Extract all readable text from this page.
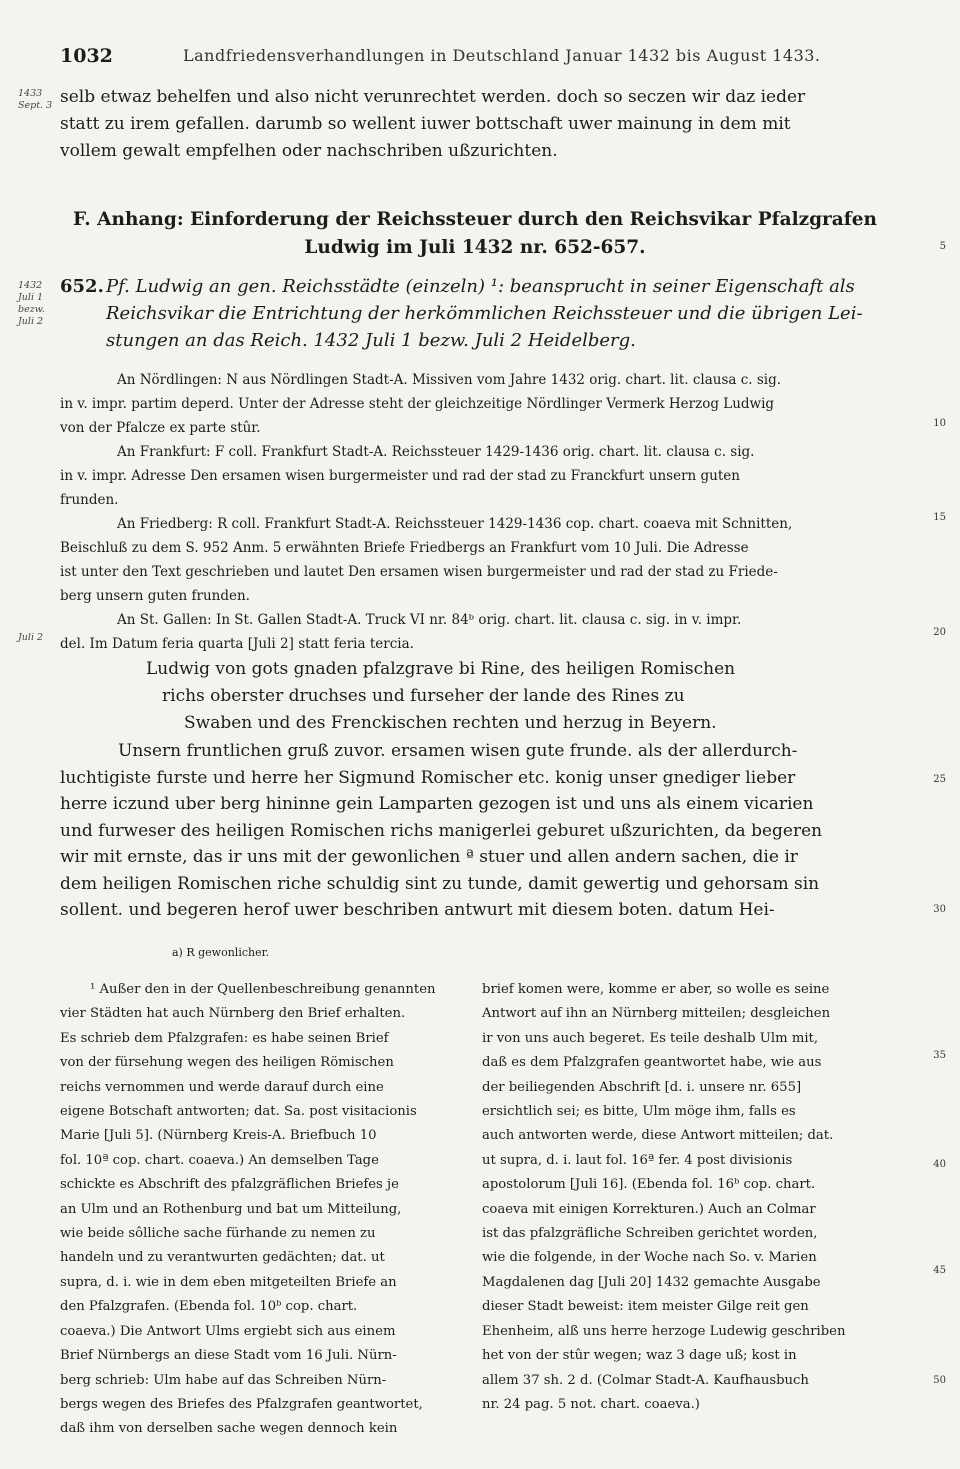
1032	Landfriedensverhandlungen in Deutschland Januar 1432 bis August 1433.

1433 Sept. 3
1432 Juli 1 bezw. Juli 2
Juli 2
5
10
15
20
25
30
35
40
45
50
selb etwaz behelfen und also nicht verunrechtet werden. doch so seczen wir daz ieder
statt zu irem gefallen. darumb so wellent iuwer bottschaft uwer mainung in dem mit
vollem gewalt empfelhen oder nachschriben ußzurichten.
F. Anhang: Einforderung der Reichssteuer durch den Reichsvikar Pfalzgrafen
Ludwig im Juli 1432 nr. 652-657.
652. Pf. Ludwig an gen. Reichsstädte (einzeln) ¹: beansprucht in seiner Eigenschaft als
Reichsvikar die Entrichtung der herkömmlichen Reichssteuer und die übrigen Lei-
stungen an das Reich. 1432 Juli 1 bezw. Juli 2 Heidelberg.
An Nördlingen: N aus Nördlingen Stadt-A. Missiven vom Jahre 1432 orig. chart. lit. clausa c. sig.
in v. impr. partim deperd. Unter der Adresse steht der gleichzeitige Nördlinger Vermerk Herzog Ludwig
von der Pfalcze ex parte stûr.
An Frankfurt: F coll. Frankfurt Stadt-A. Reichssteuer 1429-1436 orig. chart. lit. clausa c. sig.
in v. impr. Adresse Den ersamen wisen burgermeister und rad der stad zu Franckfurt unsern guten
frunden.
An Friedberg: R coll. Frankfurt Stadt-A. Reichssteuer 1429-1436 cop. chart. coaeva mit Schnitten,
Beischluß zu dem S. 952 Anm. 5 erwähnten Briefe Friedbergs an Frankfurt vom 10 Juli. Die Adresse
ist unter den Text geschrieben und lautet Den ersamen wisen burgermeister und rad der stad zu Friede-
berg unsern guten frunden.
An St. Gallen: In St. Gallen Stadt-A. Truck VI nr. 84ᵇ orig. chart. lit. clausa c. sig. in v. impr.
del. Im Datum feria quarta [Juli 2] statt feria tercia.
Ludwig von gots gnaden pfalzgrave bi Rine, des heiligen Romischen
richs oberster druchses und furseher der lande des Rines zu
Swaben und des Frenckischen rechten und herzug in Beyern.
Unsern fruntlichen gruß zuvor. ersamen wisen gute frunde. als der allerdurch-
luchtigiste furste und herre her Sigmund Romischer etc. konig unser gnediger lieber
herre iczund uber berg hininne gein Lamparten gezogen ist und uns als einem vicarien
und furweser des heiligen Romischen richs manigerlei geburet ußzurichten, da begeren
wir mit ernste, das ir uns mit der gewonlichen ª stuer und allen andern sachen, die ir
dem heiligen Romischen riche schuldig sint zu tunde, damit gewertig und gehorsam sin
sollent. und begeren herof uwer beschriben antwurt mit diesem boten. datum Hei-
a) R gewonlicher.
¹ Außer den in der Quellenbeschreibung genannten
vier Städten hat auch Nürnberg den Brief erhalten.
Es schrieb dem Pfalzgrafen: es habe seinen Brief
von der fürsehung wegen des heiligen Römischen
reichs vernommen und werde darauf durch eine
eigene Botschaft antworten; dat. Sa. post visitacionis
Marie [Juli 5]. (Nürnberg Kreis-A. Briefbuch 10
fol. 10ª cop. chart. coaeva.) An demselben Tage
schickte es Abschrift des pfalzgräflichen Briefes je
an Ulm und an Rothenburg und bat um Mitteilung,
wie beide sôlliche sache fürhande zu nemen zu
handeln und zu verantwurten gedächten; dat. ut
supra, d. i. wie in dem eben mitgeteilten Briefe an
den Pfalzgrafen. (Ebenda fol. 10ᵇ cop. chart.
coaeva.) Die Antwort Ulms ergiebt sich aus einem
Brief Nürnbergs an diese Stadt vom 16 Juli. Nürn-
berg schrieb: Ulm habe auf das Schreiben Nürn-
bergs wegen des Briefes des Pfalzgrafen geantwortet,
daß ihm von derselben sache wegen dennoch kein
brief komen were, komme er aber, so wolle es seine
Antwort auf ihn an Nürnberg mitteilen; desgleichen
ir von uns auch begeret. Es teile deshalb Ulm mit,
daß es dem Pfalzgrafen geantwortet habe, wie aus
der beiliegenden Abschrift [d. i. unsere nr. 655]
ersichtlich sei; es bitte, Ulm möge ihm, falls es
auch antworten werde, diese Antwort mitteilen; dat.
ut supra, d. i. laut fol. 16ª fer. 4 post divisionis
apostolorum [Juli 16]. (Ebenda fol. 16ᵇ cop. chart.
coaeva mit einigen Korrekturen.) Auch an Colmar
ist das pfalzgräfliche Schreiben gerichtet worden,
wie die folgende, in der Woche nach So. v. Marien
Magdalenen dag [Juli 20] 1432 gemachte Ausgabe
dieser Stadt beweist: item meister Gilge reit gen
Ehenheim, alß uns herre herzoge Ludewig geschriben
het von der stûr wegen; waz 3 dage uß; kost in
allem 37 sh. 2 d. (Colmar Stadt-A. Kaufhausbuch
nr. 24 pag. 5 not. chart. coaeva.)
